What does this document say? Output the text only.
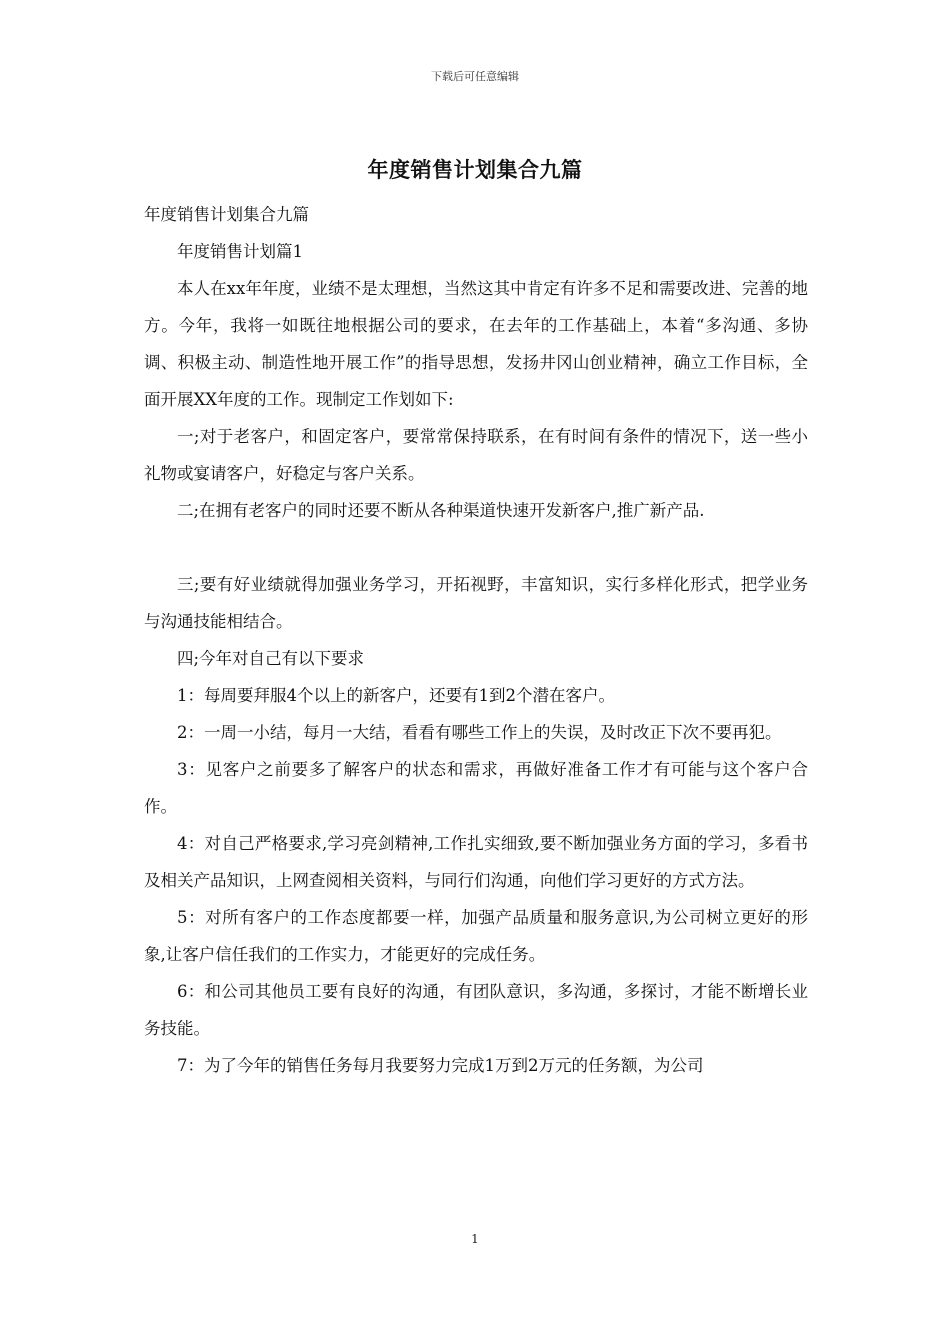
下载后可任意编辑
年度销售计划集合九篇

年度销售计划集合九篇

年度销售计划篇1

本人在xx年年度，业绩不是太理想，当然这其中肯定有许多不足和需要改进、完善的地方。今年，我将一如既往地根据公司的要求，在去年的工作基础上，本着“多沟通、多协调、积极主动、制造性地开展工作”的指导思想，发扬井冈山创业精神，确立工作目标，全面开展XX年度的工作。现制定工作划如下:

一;对于老客户，和固定客户，要常常保持联系，在有时间有条件的情况下，送一些小礼物或宴请客户，好稳定与客户关系。

二;在拥有老客户的同时还要不断从各种渠道快速开发新客户,推广新产品.

三;要有好业绩就得加强业务学习，开拓视野，丰富知识，实行多样化形式，把学业务与沟通技能相结合。

四;今年对自己有以下要求

1：每周要拜服4个以上的新客户，还要有1到2个潜在客户。

2：一周一小结，每月一大结，看看有哪些工作上的失误，及时改正下次不要再犯。

3：见客户之前要多了解客户的状态和需求，再做好准备工作才有可能与这个客户合作。

4：对自己严格要求,学习亮剑精神,工作扎实细致,要不断加强业务方面的学习，多看书及相关产品知识，上网查阅相关资料，与同行们沟通，向他们学习更好的方式方法。

5：对所有客户的工作态度都要一样，加强产品质量和服务意识,为公司树立更好的形象,让客户信任我们的工作实力，才能更好的完成任务。

6：和公司其他员工要有良好的沟通，有团队意识，多沟通，多探讨，才能不断增长业务技能。

7：为了今年的销售任务每月我要努力完成1万到2万元的任务额，为公司

1
